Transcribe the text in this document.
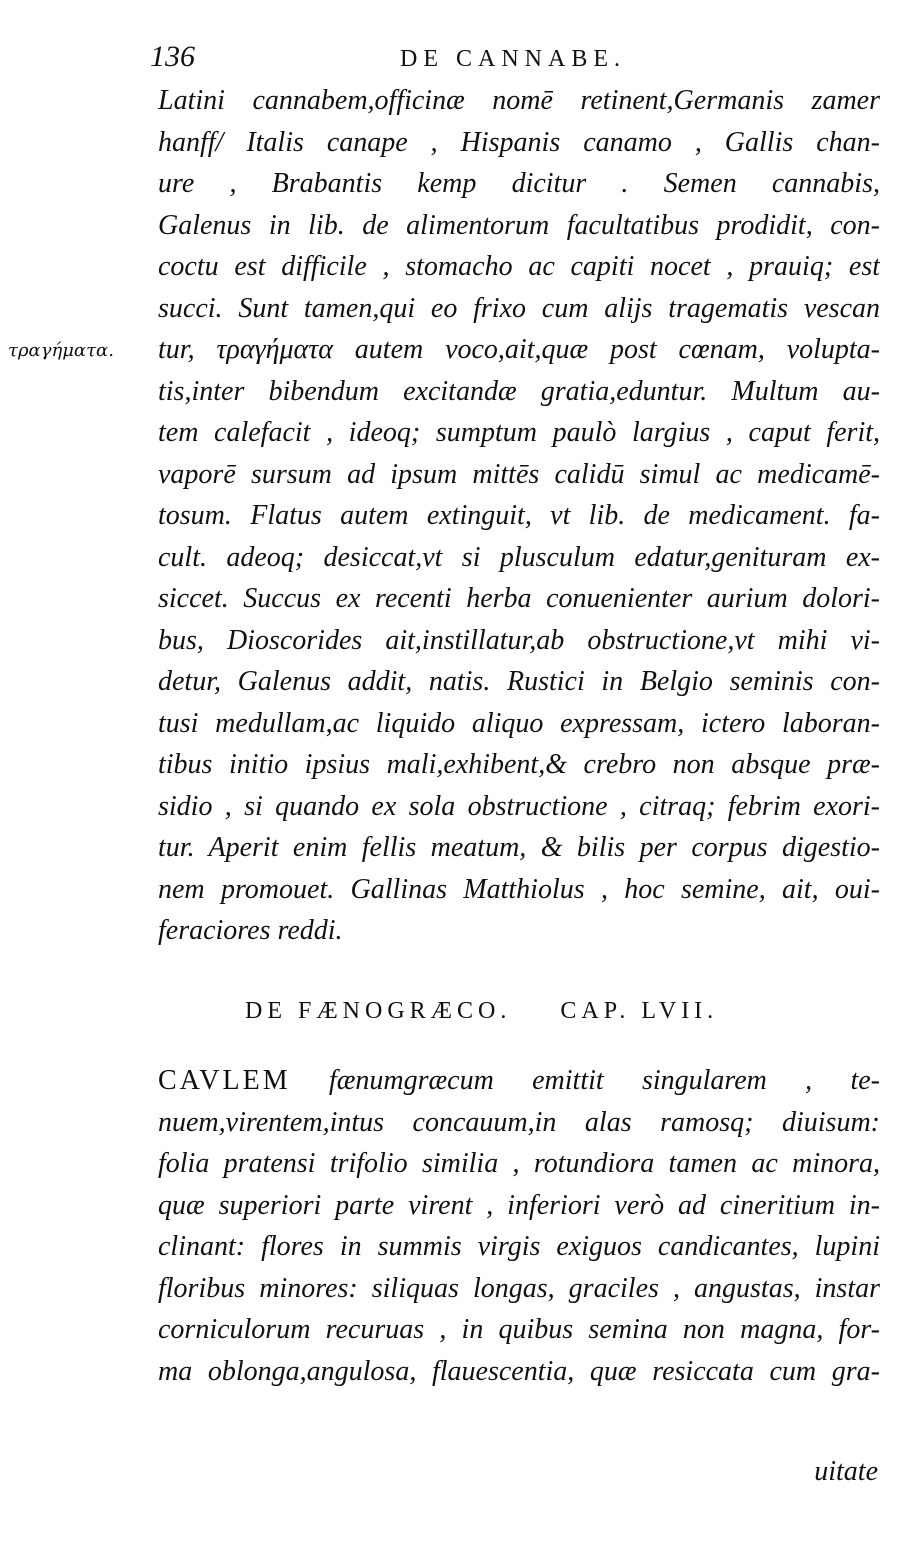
136	DE CANNABE.
τραγήματα.
Latini cannabem,officinæ nomē retinent,Germanis zamer
hanff/ Italis canape , Hispanis canamo , Gallis chan-
ure , Brabantis kemp dicitur . Semen cannabis,
Galenus in lib. de alimentorum facultatibus prodidit, con-
coctu est difficile , stomacho ac capiti nocet , prauiq; est
succi. Sunt tamen,qui eo frixo cum alijs tragematis vescan
tur, τραγήματα autem voco,ait,quæ post cœnam, volupta-
tis,inter bibendum excitandæ gratia,eduntur. Multum au-
tem calefacit , ideoq; sumptum paulò largius , caput ferit,
vaporē sursum ad ipsum mittēs calidū simul ac medicamē-
tosum. Flatus autem extinguit, vt lib. de medicament. fa-
cult. adeoq; desiccat,vt si plusculum edatur,genituram ex-
siccet. Succus ex recenti herba conuenienter aurium dolori-
bus, Dioscorides ait,instillatur,ab obstructione,vt mihi vi-
detur, Galenus addit, natis. Rustici in Belgio seminis con-
tusi medullam,ac liquido aliquo expressam, ictero laboran-
tibus initio ipsius mali,exhibent,& crebro non absque præ-
sidio , si quando ex sola obstructione , citraq; febrim exori-
tur. Aperit enim fellis meatum, & bilis per corpus digestio-
nem promouet. Gallinas Matthiolus , hoc semine, ait, oui-
feraciores reddi.
DE FÆNOGRÆCO. CAP. LVII.
CAVLEM fænumgræcum emittit singularem , te-
nuem,virentem,intus concauum,in alas ramosq; diuisum:
folia pratensi trifolio similia , rotundiora tamen ac minora,
quæ superiori parte virent , inferiori verò ad cineritium in-
clinant: flores in summis virgis exiguos candicantes, lupini
floribus minores: siliquas longas, graciles , angustas, instar
corniculorum recuruas , in quibus semina non magna, for-
ma oblonga,angulosa, flauescentia, quæ resiccata cum gra-
uitate
